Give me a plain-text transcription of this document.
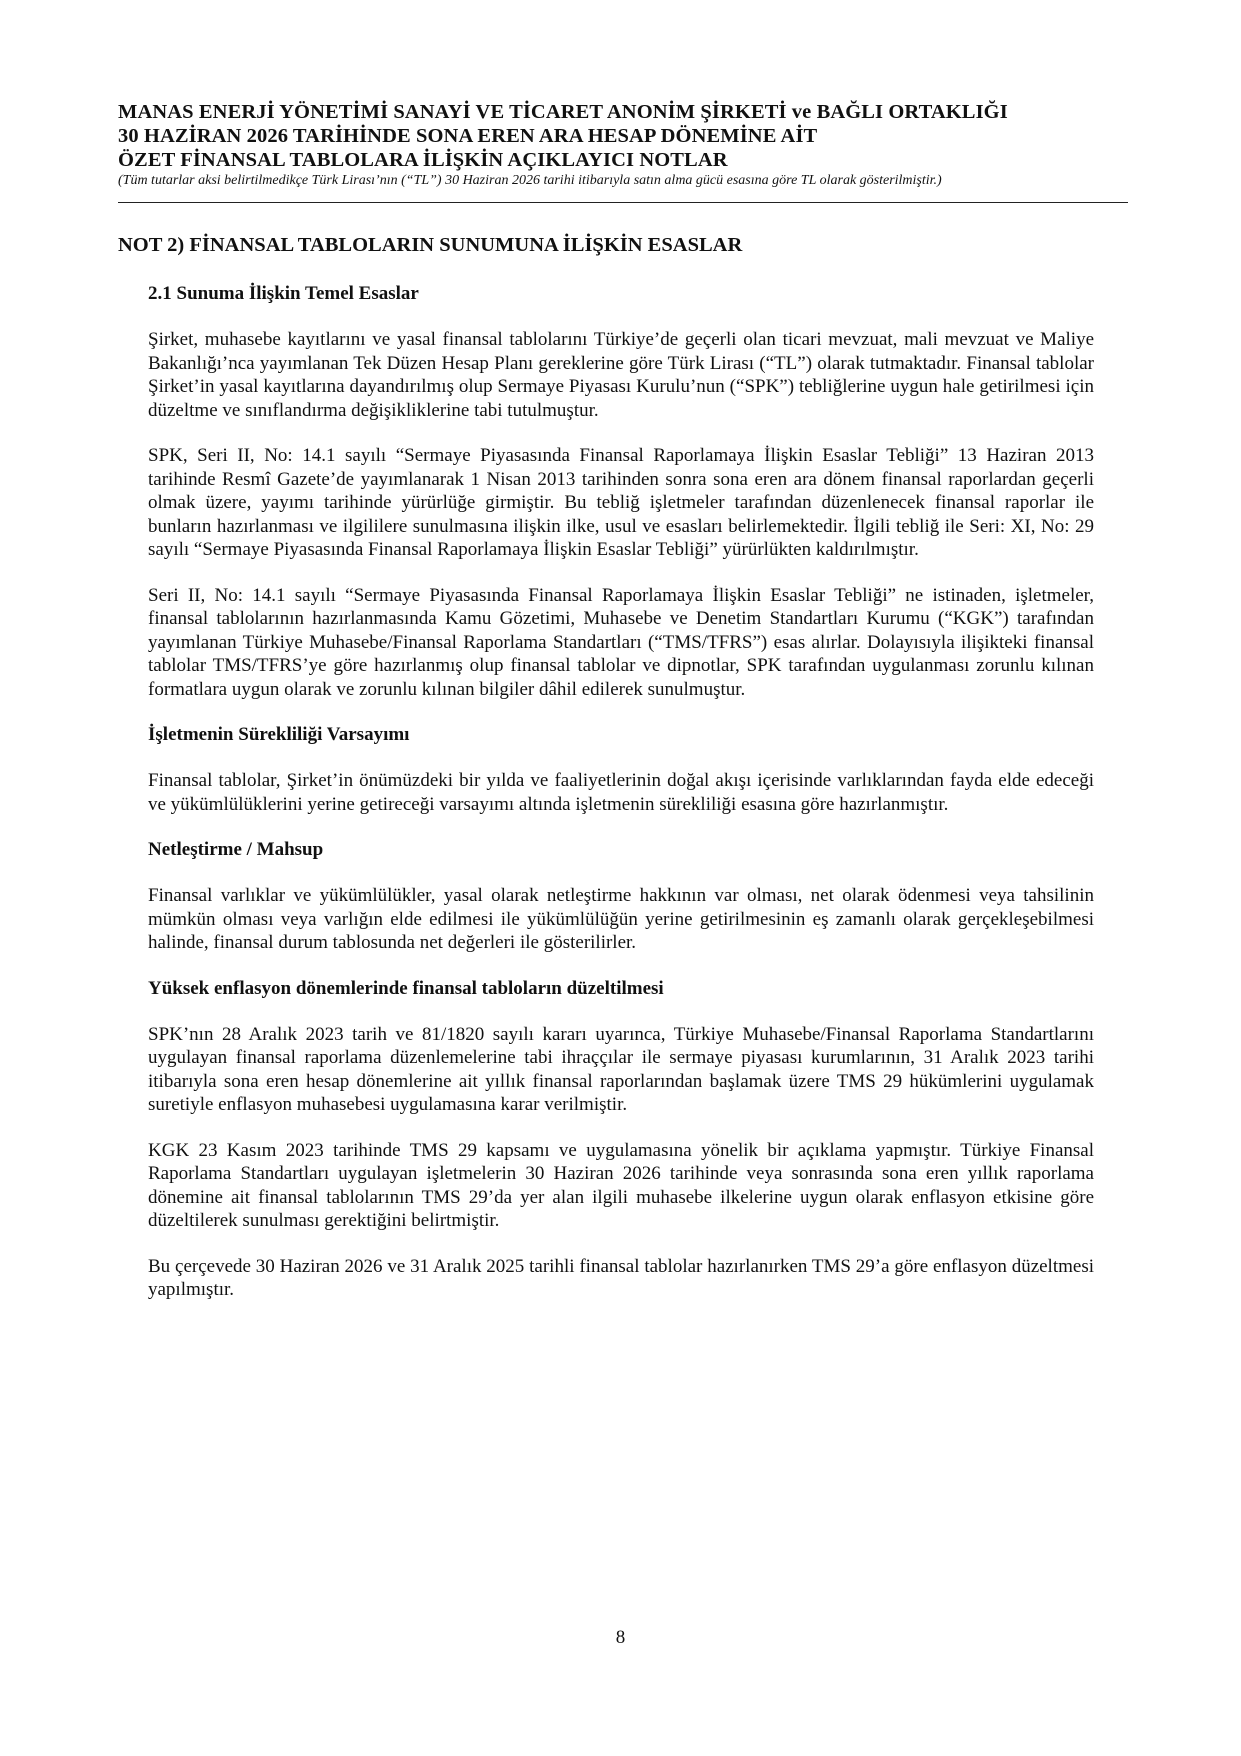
MANAS ENERJİ YÖNETİMİ SANAYİ VE TİCARET ANONİM ŞİRKETİ ve BAĞLI ORTAKLIĞI
30 HAZİRAN 2026 TARİHİNDE SONA EREN ARA HESAP DÖNEMİNE AİT
ÖZET FİNANSAL TABLOLARA İLİŞKİN AÇIKLAYICI NOTLAR
(Tüm tutarlar aksi belirtilmedikçe Türk Lirası’nın (“TL”) 30 Haziran 2026 tarihi itibarıyla satın alma gücü esasına göre TL olarak gösterilmiştir.)
NOT 2) FİNANSAL TABLOLARIN SUNUMUNA İLİŞKİN ESASLAR
2.1 Sunuma İlişkin Temel Esaslar

Şirket, muhasebe kayıtlarını ve yasal finansal tablolarını Türkiye’de geçerli olan ticari mevzuat, mali mevzuat ve Maliye Bakanlığı’nca yayımlanan Tek Düzen Hesap Planı gereklerine göre Türk Lirası (“TL”) olarak tutmaktadır. Finansal tablolar Şirket’in yasal kayıtlarına dayandırılmış olup Sermaye Piyasası Kurulu’nun (“SPK”) tebliğlerine uygun hale getirilmesi için düzeltme ve sınıflandırma değişikliklerine tabi tutulmuştur.

SPK, Seri II, No: 14.1 sayılı “Sermaye Piyasasında Finansal Raporlamaya İlişkin Esaslar Tebliği” 13 Haziran 2013 tarihinde Resmî Gazete’de yayımlanarak 1 Nisan 2013 tarihinden sonra sona eren ara dönem finansal raporlardan geçerli olmak üzere, yayımı tarihinde yürürlüğe girmiştir. Bu tebliğ işletmeler tarafından düzenlenecek finansal raporlar ile bunların hazırlanması ve ilgililere sunulmasına ilişkin ilke, usul ve esasları belirlemektedir. İlgili tebliğ ile Seri: XI, No: 29 sayılı “Sermaye Piyasasında Finansal Raporlamaya İlişkin Esaslar Tebliği” yürürlükten kaldırılmıştır.

Seri II, No: 14.1 sayılı “Sermaye Piyasasında Finansal Raporlamaya İlişkin Esaslar Tebliği” ne istinaden, işletmeler, finansal tablolarının hazırlanmasında Kamu Gözetimi, Muhasebe ve Denetim Standartları Kurumu (“KGK”) tarafından yayımlanan Türkiye Muhasebe/Finansal Raporlama Standartları (“TMS/TFRS”) esas alırlar. Dolayısıyla ilişikteki finansal tablolar TMS/TFRS’ye göre hazırlanmış olup finansal tablolar ve dipnotlar, SPK tarafından uygulanması zorunlu kılınan formatlara uygun olarak ve zorunlu kılınan bilgiler dâhil edilerek sunulmuştur.

İşletmenin Sürekliliği Varsayımı

Finansal tablolar, Şirket’in önümüzdeki bir yılda ve faaliyetlerinin doğal akışı içerisinde varlıklarından fayda elde edeceği ve yükümlülüklerini yerine getireceği varsayımı altında işletmenin sürekliliği esasına göre hazırlanmıştır.

Netleştirme / Mahsup

Finansal varlıklar ve yükümlülükler, yasal olarak netleştirme hakkının var olması, net olarak ödenmesi veya tahsilinin mümkün olması veya varlığın elde edilmesi ile yükümlülüğün yerine getirilmesinin eş zamanlı olarak gerçekleşebilmesi halinde, finansal durum tablosunda net değerleri ile gösterilirler.

Yüksek enflasyon dönemlerinde finansal tabloların düzeltilmesi

SPK’nın 28 Aralık 2023 tarih ve 81/1820 sayılı kararı uyarınca, Türkiye Muhasebe/Finansal Raporlama Standartlarını uygulayan finansal raporlama düzenlemelerine tabi ihraççılar ile sermaye piyasası kurumlarının, 31 Aralık 2023 tarihi itibarıyla sona eren hesap dönemlerine ait yıllık finansal raporlarından başlamak üzere TMS 29 hükümlerini uygulamak suretiyle enflasyon muhasebesi uygulamasına karar verilmiştir.

KGK 23 Kasım 2023 tarihinde TMS 29 kapsamı ve uygulamasına yönelik bir açıklama yapmıştır. Türkiye Finansal Raporlama Standartları uygulayan işletmelerin 30 Haziran 2026 tarihinde veya sonrasında sona eren yıllık raporlama dönemine ait finansal tablolarının TMS 29’da yer alan ilgili muhasebe ilkelerine uygun olarak enflasyon etkisine göre düzeltilerek sunulması gerektiğini belirtmiştir.

Bu çerçevede 30 Haziran 2026 ve 31 Aralık 2025 tarihli finansal tablolar hazırlanırken TMS 29’a göre enflasyon düzeltmesi yapılmıştır.

8
